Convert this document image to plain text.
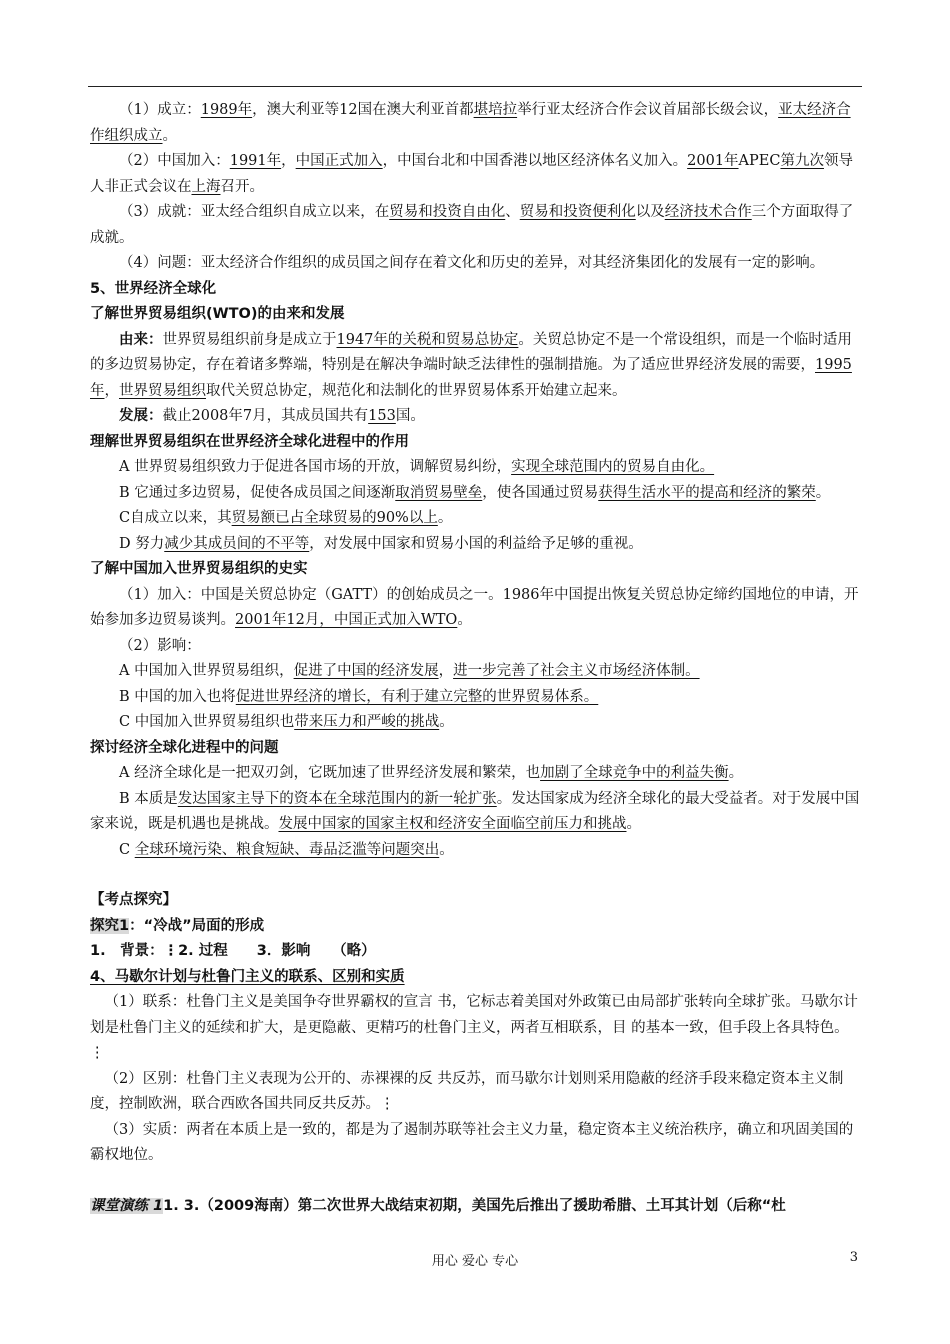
（1）成立：1989年，澳大利亚等12国在澳大利亚首都堪培拉举行亚太经济合作会议首届部长级会议，亚太经济合作组织成立。

（2）中国加入：1991年，中国正式加入，中国台北和中国香港以地区经济体名义加入。2001年APEC第九次领导人非正式会议在上海召开。

（3）成就：亚太经合组织自成立以来，在贸易和投资自由化、贸易和投资便利化以及经济技术合作三个方面取得了成就。

（4）问题：亚太经济合作组织的成员国之间存在着文化和历史的差异，对其经济集团化的发展有一定的影响。

5、世界经济全球化

了解世界贸易组织(WTO)的由来和发展

由来：世界贸易组织前身是成立于1947年的关税和贸易总协定。关贸总协定不是一个常设组织，而是一个临时适用的多边贸易协定，存在着诸多弊端，特别是在解决争端时缺乏法律性的强制措施。为了适应世界经济发展的需要，1995年，世界贸易组织取代关贸总协定，规范化和法制化的世界贸易体系开始建立起来。

发展：截止2008年7月，其成员国共有153国。

理解世界贸易组织在世界经济全球化进程中的作用

A 世界贸易组织致力于促进各国市场的开放，调解贸易纠纷，实现全球范围内的贸易自由化。

B 它通过多边贸易，促使各成员国之间逐渐取消贸易壁垒，使各国通过贸易获得生活水平的提高和经济的繁荣。

C自成立以来，其贸易额已占全球贸易的90%以上。

D 努力减少其成员间的不平等，对发展中国家和贸易小国的利益给予足够的重视。

了解中国加入世界贸易组织的史实

（1）加入：中国是关贸总协定（GATT）的创始成员之一。1986年中国提出恢复关贸总协定缔约国地位的申请，开始参加多边贸易谈判。2001年12月，中国正式加入WTO。

（2）影响：

A 中国加入世界贸易组织，促进了中国的经济发展，进一步完善了社会主义市场经济体制。

B 中国的加入也将促进世界经济的增长，有利于建立完整的世界贸易体系。

C 中国加入世界贸易组织也带来压力和严峻的挑战。

探讨经济全球化进程中的问题

A 经济全球化是一把双刃剑，它既加速了世界经济发展和繁荣，也加剧了全球竞争中的利益失衡。

B 本质是发达国家主导下的资本在全球范围内的新一轮扩张。发达国家成为经济全球化的最大受益者。对于发展中国家来说，既是机遇也是挑战。发展中国家的国家主权和经济安全面临空前压力和挑战。

C 全球环境污染、粮食短缺、毒品泛滥等问题突出。

【考点探究】

探究1：“冷战”局面的形成

1.　背景：⋮2. 过程　　3．影响　　（略）

4、马歇尔计划与杜鲁门主义的联系、区别和实质

（1）联系：杜鲁门主义是美国争夺世界霸权的宣言 书，它标志着美国对外政策已由局部扩张转向全球扩张。马歇尔计划是杜鲁门主义的延续和扩大，是更隐蔽、更精巧的杜鲁门主义，两者互相联系，目 的基本一致，但手段上各具特色。⋮

（2）区别：杜鲁门主义表现为公开的、赤裸裸的反 共反苏，而马歇尔计划则采用隐蔽的经济手段来稳定资本主义制度，控制欧洲，联合西欧各国共同反共反苏。⋮

（3）实质：两者在本质上是一致的，都是为了遏制苏联等社会主义力量，稳定资本主义统治秩序，确立和巩固美国的霸权地位。

课堂演练 11. 3.（2009海南）第二次世界大战结束初期，美国先后推出了援助希腊、土耳其计划（后称“杜

用心 爱心 专心	3
